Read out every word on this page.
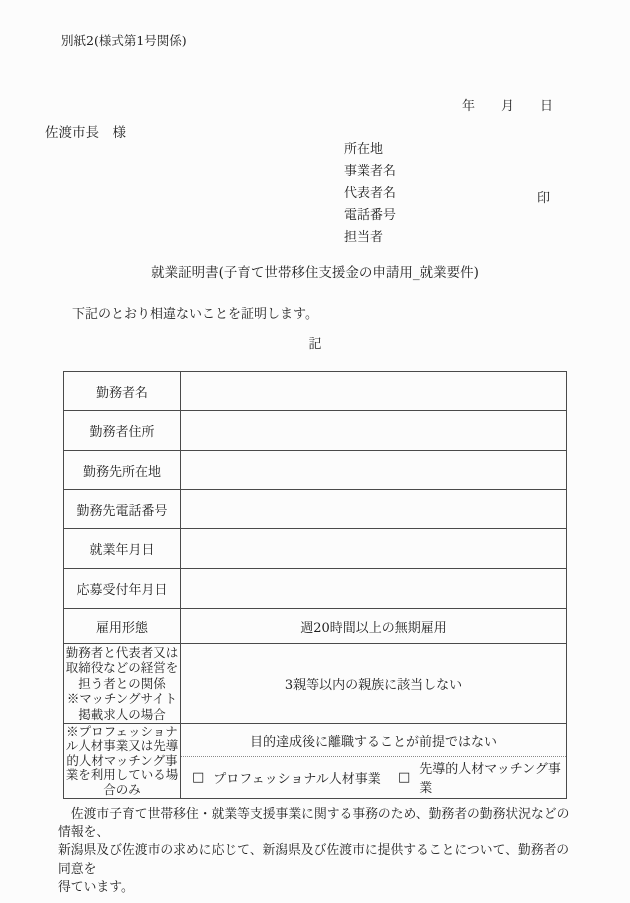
別紙2(様式第1号関係)
年　　月　　日
佐渡市長　様
所在地
事業者名
代表者名
電話番号
担当者
印
就業証明書(子育て世帯移住支援金の申請用_就業要件)
下記のとおり相違ないことを証明します。
記
勤務者名
勤務者住所
勤務先所在地
勤務先電話番号
就業年月日
応募受付年月日
雇用形態	週20時間以上の無期雇用
勤務者と代表者又は
取締役などの経営を
担う者との関係
※マッチングサイト
掲載求人の場合
3親等以内の親族に該当しない
※プロフェッショナ
ル人材事業又は先導
的人材マッチング事
業を利用している場
合のみ
目的達成後に離職することが前提ではない
□ プロフェッショナル人材事業 □ 先導的人材マッチング事業
佐渡市子育て世帯移住・就業等支援事業に関する事務のため、勤務者の勤務状況などの情報を、
新潟県及び佐渡市の求めに応じて、新潟県及び佐渡市に提供することについて、勤務者の同意を
得ています。
